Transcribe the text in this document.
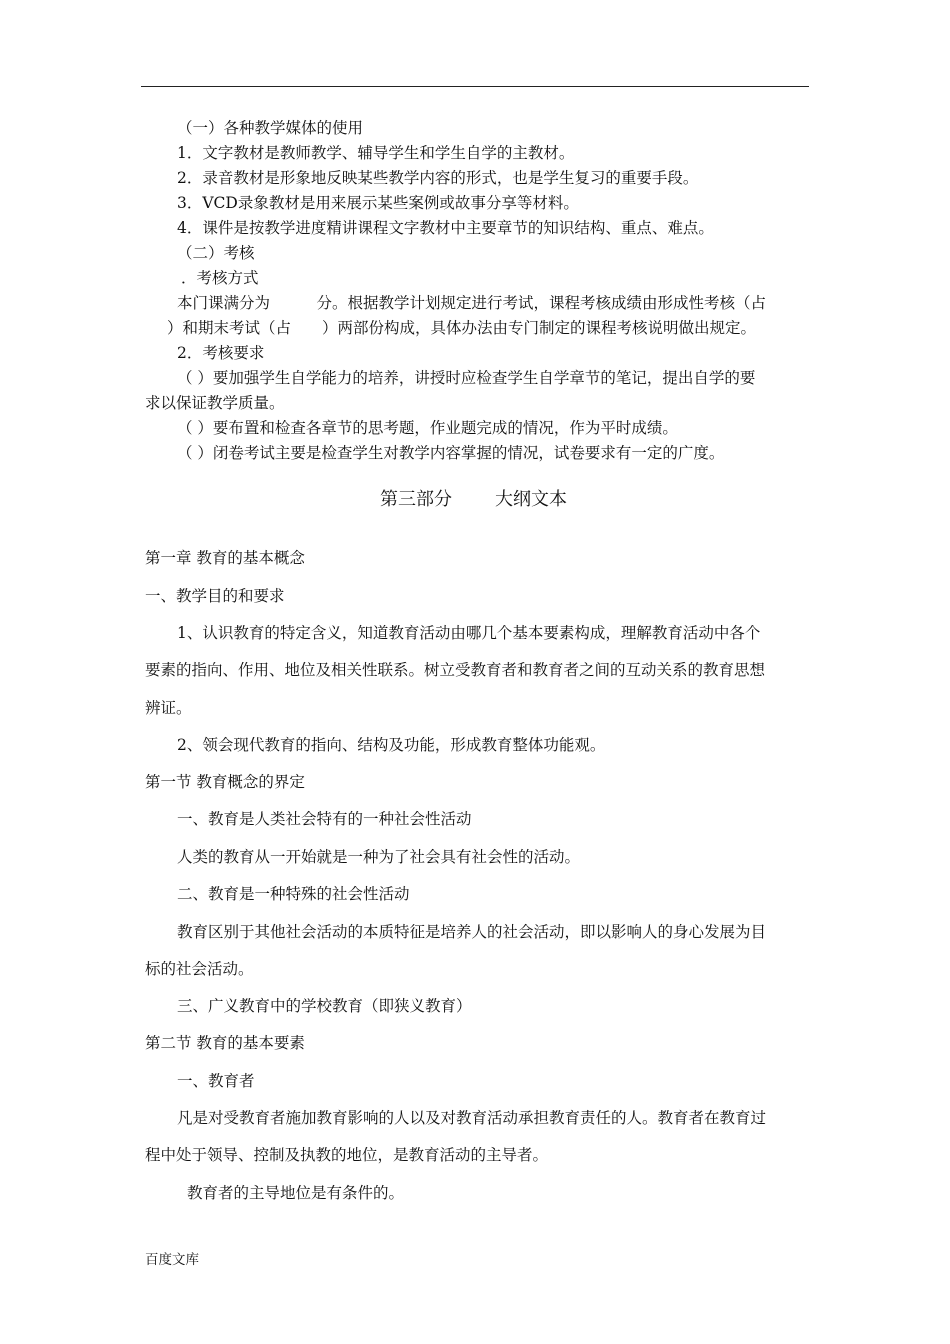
（一）各种教学媒体的使用
1．文字教材是教师教学、辅导学生和学生自学的主教材。
2．录音教材是形象地反映某些教学内容的形式，也是学生复习的重要手段。
3．VCD录象教材是用来展示某些案例或故事分享等材料。
4．课件是按教学进度精讲课程文字教材中主要章节的知识结构、重点、难点。
（二）考核
．考核方式
本门课满分为　　　分。根据教学计划规定进行考试，课程考核成绩由形成性考核（占
）和期末考试（占　　）两部份构成，具体办法由专门制定的课程考核说明做出规定。
2．考核要求
（ ）要加强学生自学能力的培养，讲授时应检查学生自学章节的笔记，提出自学的要
求以保证教学质量。
（ ）要布置和检查各章节的思考题，作业题完成的情况，作为平时成绩。
（ ）闭卷考试主要是检查学生对教学内容掌握的情况，试卷要求有一定的广度。
第三部分 大纲文本
第一章 教育的基本概念
一、教学目的和要求
1、认识教育的特定含义，知道教育活动由哪几个基本要素构成，理解教育活动中各个
要素的指向、作用、地位及相关性联系。树立受教育者和教育者之间的互动关系的教育思想
辨证。
2、领会现代教育的指向、结构及功能，形成教育整体功能观。
第一节 教育概念的界定
一、教育是人类社会特有的一种社会性活动
人类的教育从一开始就是一种为了社会具有社会性的活动。
二、教育是一种特殊的社会性活动
教育区别于其他社会活动的本质特征是培养人的社会活动，即以影响人的身心发展为目
标的社会活动。
三、广义教育中的学校教育（即狭义教育）
第二节 教育的基本要素
一、教育者
凡是对受教育者施加教育影响的人以及对教育活动承担教育责任的人。教育者在教育过
程中处于领导、控制及执教的地位，是教育活动的主导者。
教育者的主导地位是有条件的。
百度文库
